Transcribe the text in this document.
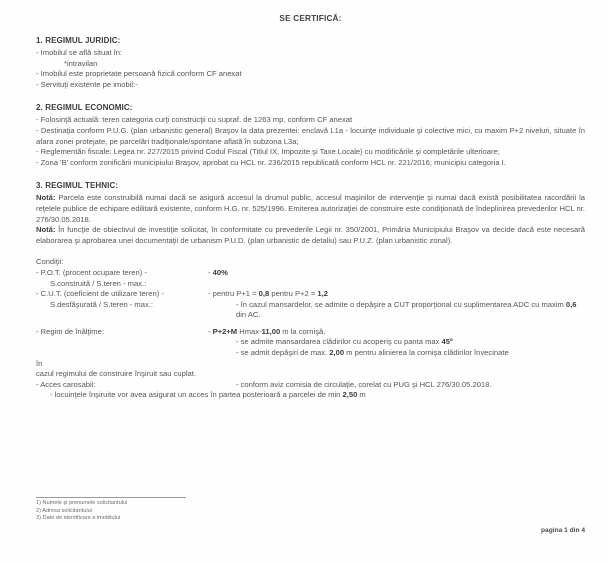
SE CERTIFICĂ:
1. REGIMUL JURIDIC:

- Imobilul se află situat în:

*intravilan

- Imobilul este proprietate persoană fizică conform CF anexat

- Servituţi existente pe imobil:-

2. REGIMUL ECONOMIC:

- Folosinţă actuală: teren categoria curţi construcţii cu supraf. de 1263 mp, conform CF anexat

- Destinaţia conform P.U.G. (plan urbanistic general) Braşov la data prezentei: enclavă L1a - locuinţe individuale şi colective mici, cu maxim P+2 niveluri, situate în afara zonei protejate, pe parcelări tradiţionale/spontane aflată în subzona L3a;

- Reglementări fiscale: Legea nr. 227/2015 privind Codul Fiscal (Titlul IX, Impozite şi Taxe Locale) cu modificările şi completările ulterioare;

- Zona 'B' conform zonificării municipiului Braşov, aprobat cu HCL nr. 236/2015 republicată conform HCL nr. 221/2016; municipiu categoria I.

3. REGIMUL TEHNIC:

Notă: Parcela este construibilă numai dacă se asigură accesul la drumul public, accesul maşinilor de intervenţie şi numai dacă există posibilitatea racordării la reţelele publice de echipare edilitară existente, conform H.G. nr. 525/1996. Emiterea autorizaţiei de construire este condiţionată de îndeplinirea prevederilor HCL nr. 276/30.05.2018.

Notă: În funcţie de obiectivul de investiţie solicitat, în conformitate cu prevederile Legii nr. 350/2001, Primăria Municipiului Braşov va decide dacă este necesară elaborarea şi aprobarea unei documentaţii de urbanism P.U.D. (plan urbanistic de detaliu) sau P.U.Z. (plan urbanistic zonal).

Condiţii:
- P.O.T. (procent ocupare teren) -	- 40%
S.construită / S.teren - max.:
- C.U.T. (coeficient de utilizare teren) -	- pentru P+1 = 0,8 pentru P+2 = 1,2
S.desfăşurată / S.teren - max.:	- în cazul mansardelor, se admite o depăşire a CUT proporţional cu suplimentarea ADC cu maxim 0,6 din AC.
- Regim de înălţime:	- P+2+M Hmax-11,00 m la cornişă.
- se admite mansardarea clădirilor cu acoperiş cu panta max 45º
- se admit depăşiri de max. 2,00 m pentru alinierea la cornişa clădirilor învecinate
în
cazul regimului de construire înşiruit sau cuplat.
- Acces carosabil:	- conform aviz comisia de circulaţie, corelat cu PUG şi HCL 276/30.05.2018.
- locuinţele înşiruite vor avea asigurat un acces în partea posterioară a parcelei de min 2,50 m
1) Numele şi prenumele solicitantului
2) Adresa solicitantului
3) Date de identificare a imobilului
pagina 1 din 4
